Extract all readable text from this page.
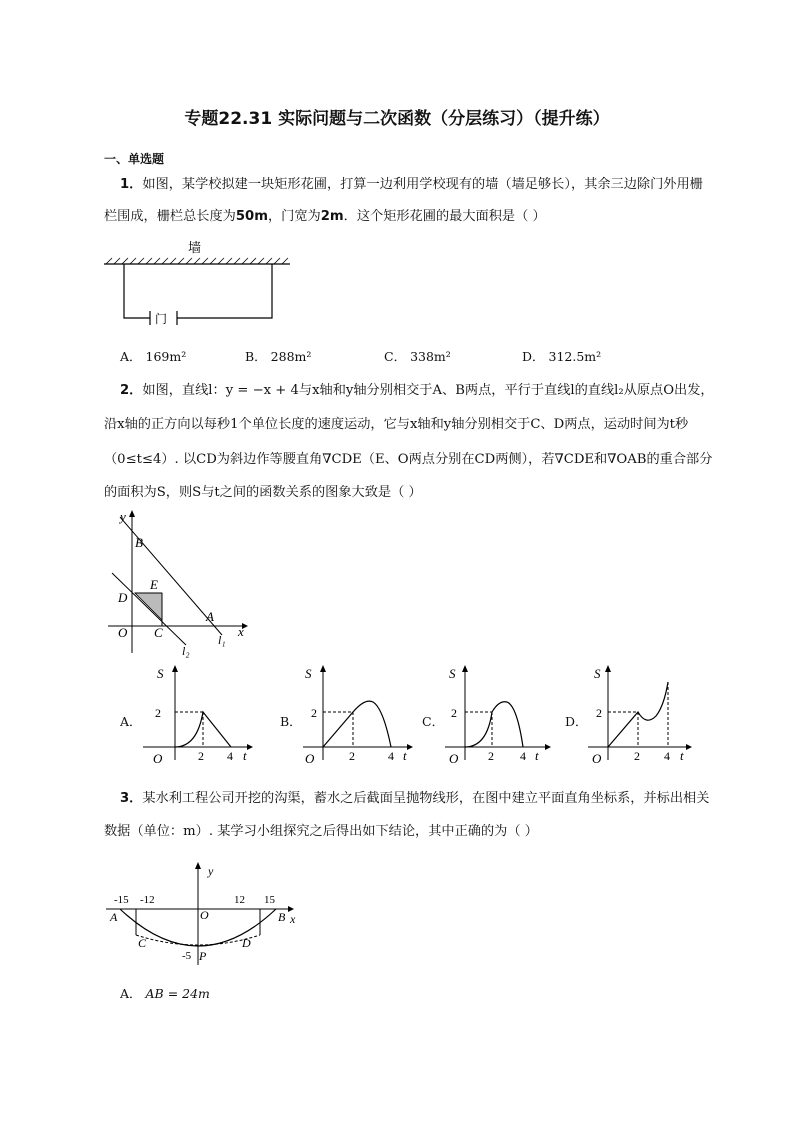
专题22.31 实际问题与二次函数（分层练习）（提升练）
一、单选题
1．如图，某学校拟建一块矩形花圃，打算一边利用学校现有的墙（墙足够长），其余三边除门外用栅
栏围成，栅栏总长度为50m，门宽为2m．这个矩形花圃的最大面积是（ ）
墙
门
A． 169m²	B． 288m²	C． 338m²	D． 312.5m²
2．如图，直线l：y = −x + 4与x轴和y轴分别相交于A、B两点，平行于直线l的直线l₂从原点O出发，
沿x轴的正方向以每秒1个单位长度的速度运动，它与x轴和y轴分别相交于C、D两点，运动时间为t秒
（0≤t≤4）. 以CD为斜边作等腰直角∇CDE（E、O两点分别在CD两侧），若∇CDE和∇OAB的重合部分
的面积为S，则S与t之间的函数关系的图象大致是（ ）
y
x
B
E
D
A
O C
l₂
l₁
A．
S
2
2 4 t
O
B．
S
2
2	4 t
O
C．
S
2
2 4 t
O
D．
S
2
2 4 t
O
3．某水利工程公司开挖的沟渠，蓄水之后截面呈抛物线形，在图中建立平面直角坐标系，并标出相关
数据（单位：m）. 某学习小组探究之后得出如下结论，其中正确的为（ ）
y
x
-15 -12	12 15
A	B
C	D
O
-5 P
A． AB = 24m
